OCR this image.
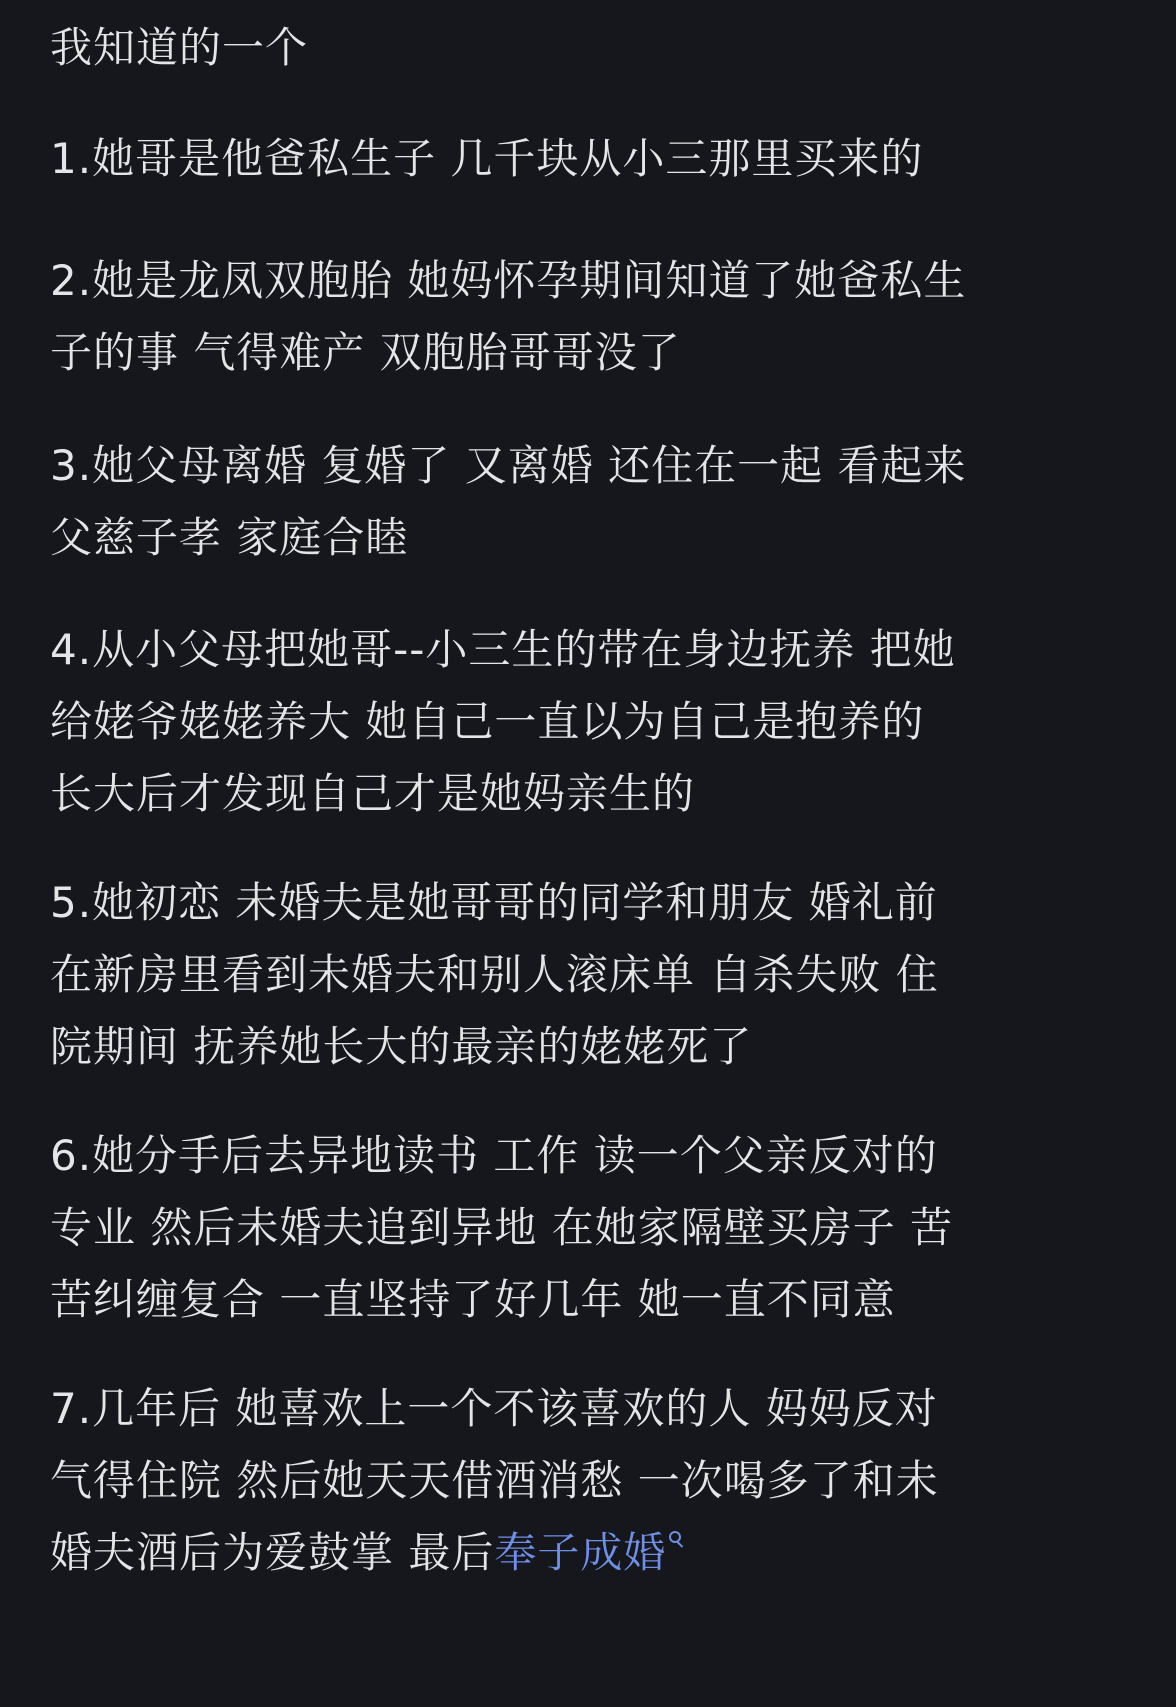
我知道的一个
1.她哥是他爸私生子 几千块从小三那里买来的
2.她是龙凤双胞胎 她妈怀孕期间知道了她爸私生
子的事 气得难产 双胞胎哥哥没了
3.她父母离婚 复婚了 又离婚 还住在一起 看起来
父慈子孝 家庭合睦
4.从小父母把她哥--小三生的带在身边抚养 把她
给姥爷姥姥养大 她自己一直以为自己是抱养的
长大后才发现自己才是她妈亲生的
5.她初恋 未婚夫是她哥哥的同学和朋友 婚礼前
在新房里看到未婚夫和别人滚床单 自杀失败 住
院期间 抚养她长大的最亲的姥姥死了
6.她分手后去异地读书 工作 读一个父亲反对的
专业 然后未婚夫追到异地 在她家隔壁买房子 苦
苦纠缠复合 一直坚持了好几年 她一直不同意
7.几年后 她喜欢上一个不该喜欢的人 妈妈反对
气得住院 然后她天天借酒消愁 一次喝多了和未
婚夫酒后为爱鼓掌 最后奉子成婚
